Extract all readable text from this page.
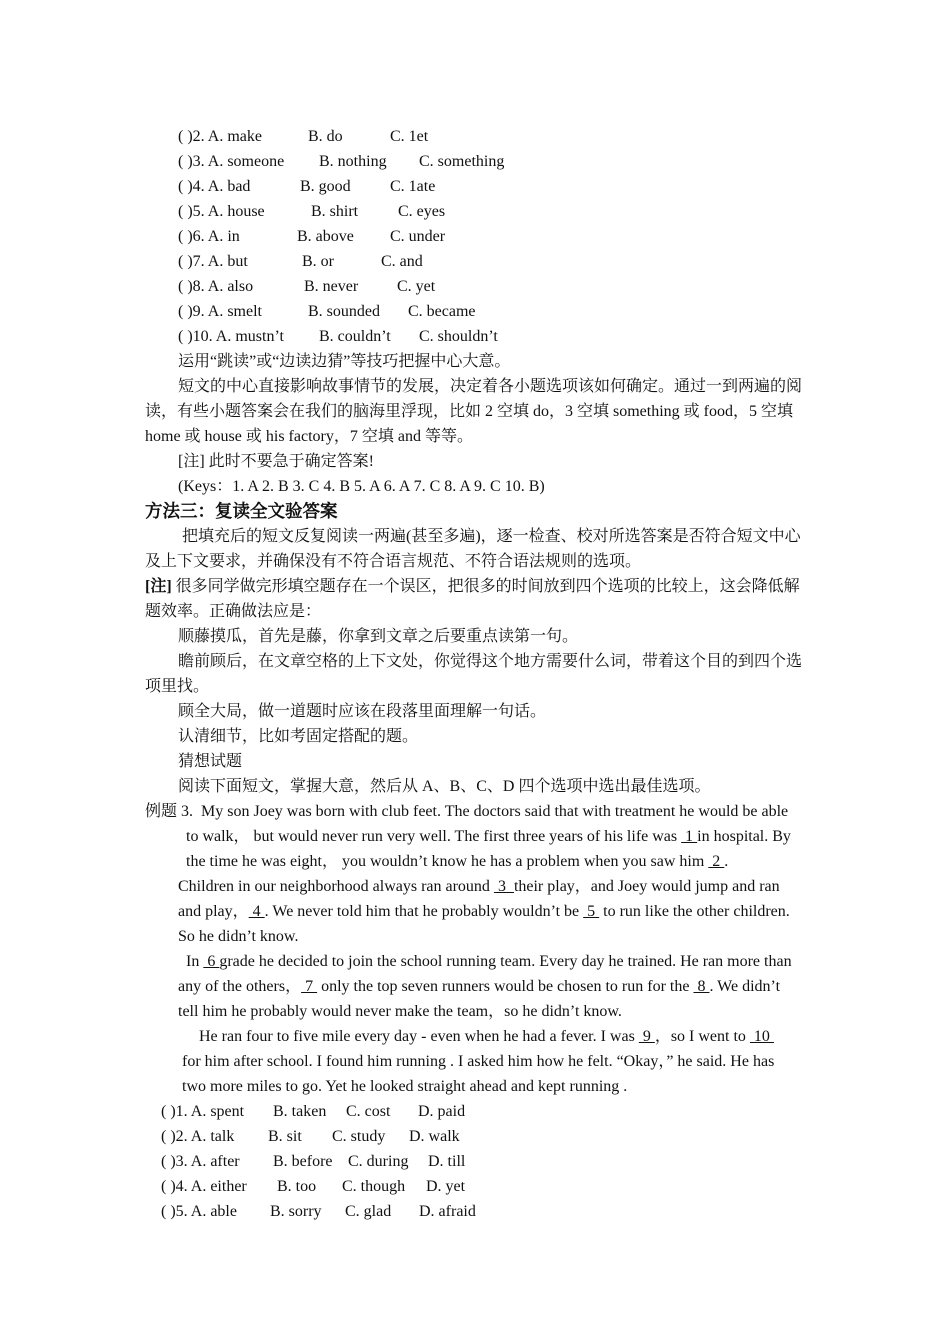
( )2. A. make	B. do	C. 1et
( )3. A. someone B. nothing C. something
( )4. A. bad	B. good C. 1ate
( )5. A. house	B. shirt C. eyes
( )6. A. in	B. above C. under
( )7. A. but	B. or	C. and
( )8. A. also	B. never C. yet
( )9. A. smelt	B. sounded C. became
( )10. A. mustn’t B. couldn’t C. shouldn’t
运用“跳读”或“边读边猜”等技巧把握中心大意。
短文的中心直接影响故事情节的发展，决定着各小题选项该如何确定。通过一到两遍的阅
读，有些小题答案会在我们的脑海里浮现，比如 2 空填 do，3 空填 something 或 food，5 空填
home 或 house 或 his factory，7 空填 and 等等。
[注] 此时不要急于确定答案!
(Keys：1. A 2. B 3. C 4. B 5. A 6. A 7. C 8. A 9. C 10. B)
方法三：复读全文验答案
把填充后的短文反复阅读一两遍(甚至多遍)，逐一检查、校对所选答案是否符合短文中心
及上下文要求，并确保没有不符合语言规范、不符合语法规则的选项。
[注] 很多同学做完形填空题存在一个误区，把很多的时间放到四个选项的比较上，这会降低解
题效率。正确做法应是：
顺藤摸瓜，首先是藤，你拿到文章之后要重点读第一句。
瞻前顾后，在文章空格的上下文处，你觉得这个地方需要什么词，带着这个目的到四个选
项里找。
顾全大局，做一道题时应该在段落里面理解一句话。
认清细节，比如考固定搭配的题。
猜想试题
阅读下面短文，掌握大意，然后从 A、B、C、D 四个选项中选出最佳选项。
例题 3. My son Joey was born with club feet. The doctors said that with treatment he would be able
to walk， but would never run very well. The first three years of his life was  1 in hospital. By
the time he was eight， you wouldn’t know he has a problem when you saw him  2 .
Children in our neighborhood always ran around  3  their play，and Joey would jump and ran
and play， 4 . We never told him that he probably wouldn’t be  5  to run like the other children.
So he didn’t know.
In  6 grade he decided to join the school running team. Every day he trained. He ran more than
any of the others， 7  only the top seven runners would be chosen to run for the  8 . We didn’t
tell him he probably would never make the team，so he didn’t know.
He ran four to five mile every day - even when he had a fever. I was  9 ，so I went to  10
for him after school. I found him running . I asked him how he felt. “Okay，” he said. He has
two more miles to go. Yet he looked straight ahead and kept running .
( )1. A. spent B. taken C. cost D. paid
( )2. A. talk B. sit C. study D. walk
( )3. A. after B. before C. during D. till
( )4. A. either B. too C. though D. yet
( )5. A. able B. sorry C. glad D. afraid
